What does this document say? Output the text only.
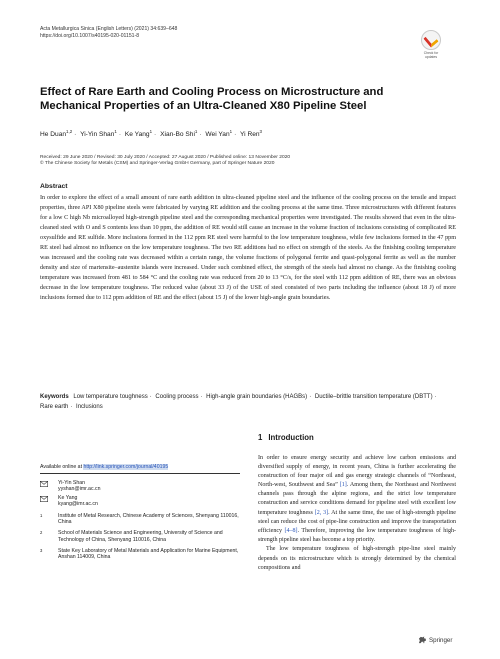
Acta Metallurgica Sinica (English Letters) (2021) 34:639–648
https://doi.org/10.1007/s40195-020-01151-8
Check for updates
Effect of Rare Earth and Cooling Process on Microstructure and Mechanical Properties of an Ultra-Cleaned X80 Pipeline Steel
He Duan$^{1,2}$ · Yi-Yin Shan$^1$ · Ke Yang$^1$ · Xian-Bo Shi$^1$ · Wei Yan$^1$ · Yi Ren$^3$
Received: 29 June 2020 / Revised: 30 July 2020 / Accepted: 27 August 2020 / Published online: 13 November 2020
© The Chinese Society for Metals (CSM) and Springer-Verlag GmbH Germany, part of Springer Nature 2020
Abstract
In order to explore the effect of a small amount of rare earth addition in ultra-cleaned pipeline steel and the influence of the cooling process on the tensile and impact properties, three API X80 pipeline steels were fabricated by varying RE addition and the cooling process at the same time. Three microstructures with different features for a low C high Nb microalloyed high-strength pipeline steel and the corresponding mechanical properties were investigated. The results showed that even in the ultra-cleaned steel with O and S contents less than 10 ppm, the addition of RE would still cause an increase in the volume fraction of inclusions consisting of complicated RE oxysulfide and RE sulfide. More inclusions formed in the 112 ppm RE steel were harmful to the low temperature toughness, while few inclusions formed in the 47 ppm RE steel had almost no influence on the low temperature toughness. The two RE additions had no effect on strength of the steels. As the finishing cooling temperature was increased and the cooling rate was decreased within a certain range, the volume fractions of polygonal ferrite and quasi-polygonal ferrite as well as the number density and size of martensite–austenite islands were increased. Under such combined effect, the strength of the steels had almost no change. As the finishing cooling temperature was increased from 481 to 584 °C and the cooling rate was reduced from 20 to 13 °C/s, for the steel with 112 ppm addition of RE, there was an obvious decrease in the low temperature toughness. The reduced value (about 33 J) of the USE of steel consisted of two parts including the influence (about 18 J) of more inclusions formed due to 112 ppm addition of RE and the effect (about 15 J) of the lower high-angle grain boundaries.
Keywords Low temperature toughness · Cooling process · High-angle grain boundaries (HAGBs) · Ductile–brittle transition temperature (DBTT) · Rare earth · Inclusions
1 Introduction

In order to ensure energy security and achieve low carbon emissions and diversified supply of energy, in recent years, China is further accelerating the construction of four major oil and gas energy strategic channels of “Northeast, North-west, Southwest and Sea” [1]. Among them, the Northeast and Northwest channels pass through the alpine regions, and the strict low temperature construction and service conditions demand for pipeline steel with excellent low temperature toughness [2, 3]. At the same time, the use of high-strength pipeline steel can reduce the cost of pipe-line construction and improve the transportation efficiency [4–8]. Therefore, improving the low temperature toughness of high-strength pipeline steel has become a top priority.

The low temperature toughness of high-strength pipe-line steel mainly depends on its microstructure which is strongly determined by the chemical compositions and

Available online at http://link.springer.com/journal/40195
Yi-Yin Shan
yyshan@imr.ac.cn
Ke Yang
kyang@imr.ac.cn
1	Institute of Metal Research, Chinese Academy of Sciences, Shenyang 110016, China
2	School of Materials Science and Engineering, University of Science and Technology of China, Shenyang 110016, China
3	State Key Laboratory of Metal Materials and Application for Marine Equipment, Anshan 114009, China
Springer
